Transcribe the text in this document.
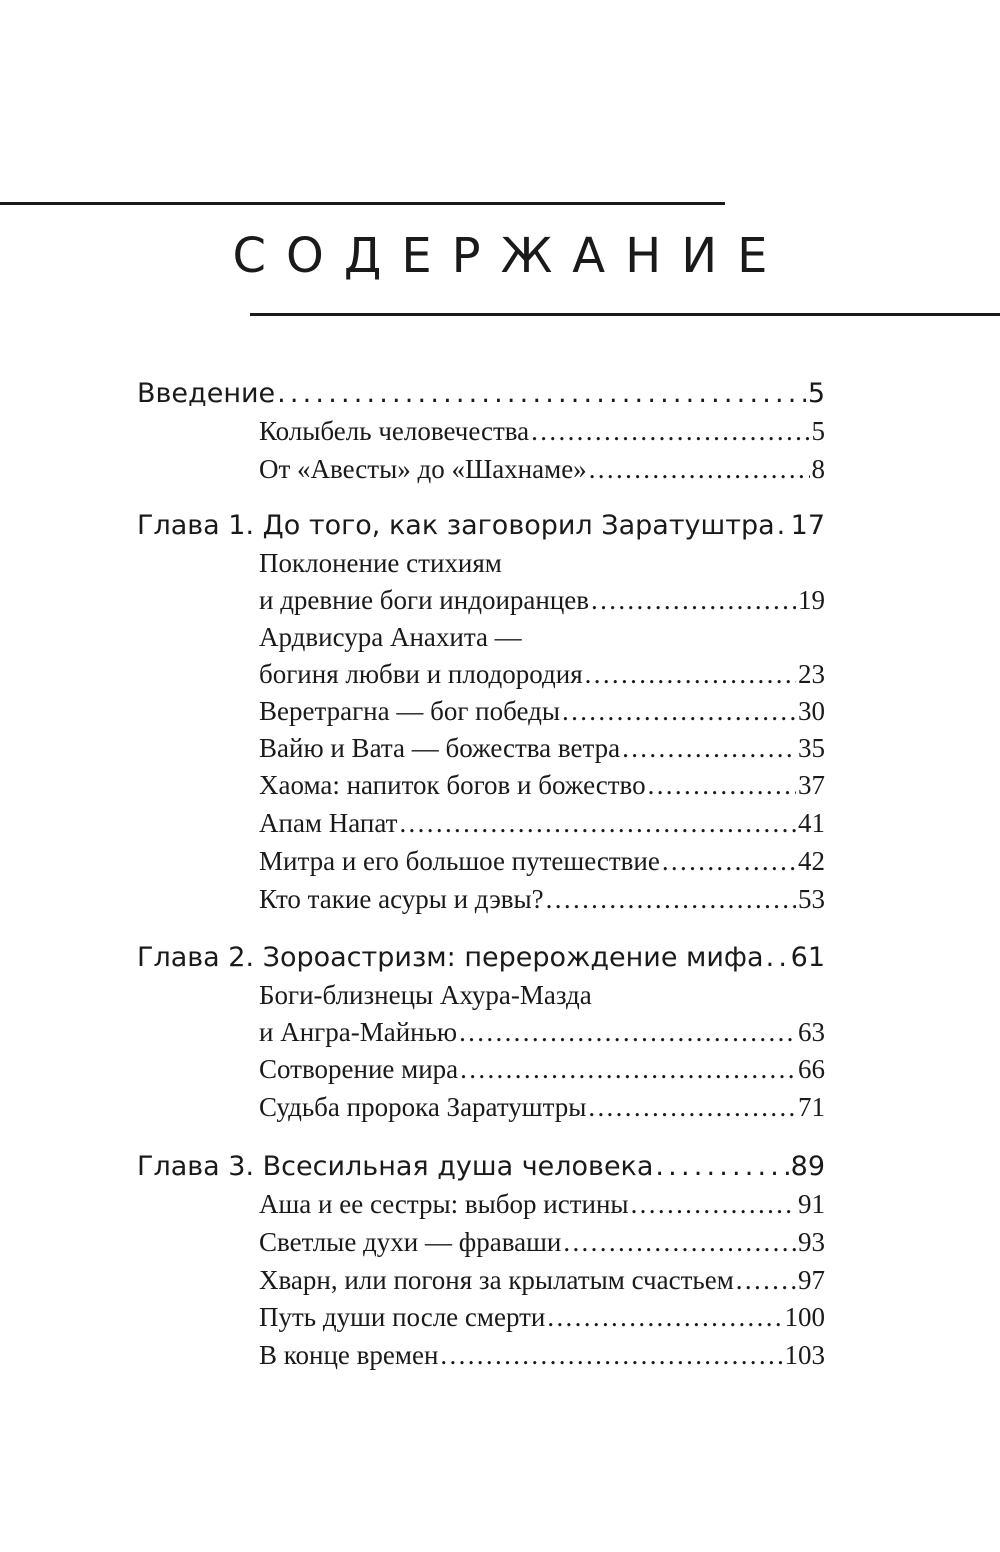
СОДЕРЖАНИЕ
Введение . . .	5
Колыбель человечества . . .	5
От «Авесты» до «Шахнаме» . . .	8
Глава 1. До того, как заговорил Заратуштра . . . 17
Поклонение стихиям
и древние боги индоиранцев . . .	19
Ардвисура Анахита —
богиня любви и плодородия . . .	23
Веретрагна — бог победы . . .	30
Вайю и Вата — божества ветра . . .	35
Хаома: напиток богов и божество . . .	37
Апам Напат . . .	41
Митра и его большое путешествие . . .	42
Кто такие асуры и дэвы? . . .	53
Глава 2. Зороастризм: перерождение мифа . . . 61
Боги-близнецы Ахура-Мазда
и Ангра-Майнью . . .	63
Сотворение мира . . .	66
Судьба пророка Заратуштры . . .	71
Глава 3. Всесильная душа человека . . .	89
Аша и ее сестры: выбор истины . . .	91
Светлые духи — фраваши . . .	93
Хварн, или погоня за крылатым счастьем . . . 97
Путь души после смерти . . .	100
В конце времен . . .	103
